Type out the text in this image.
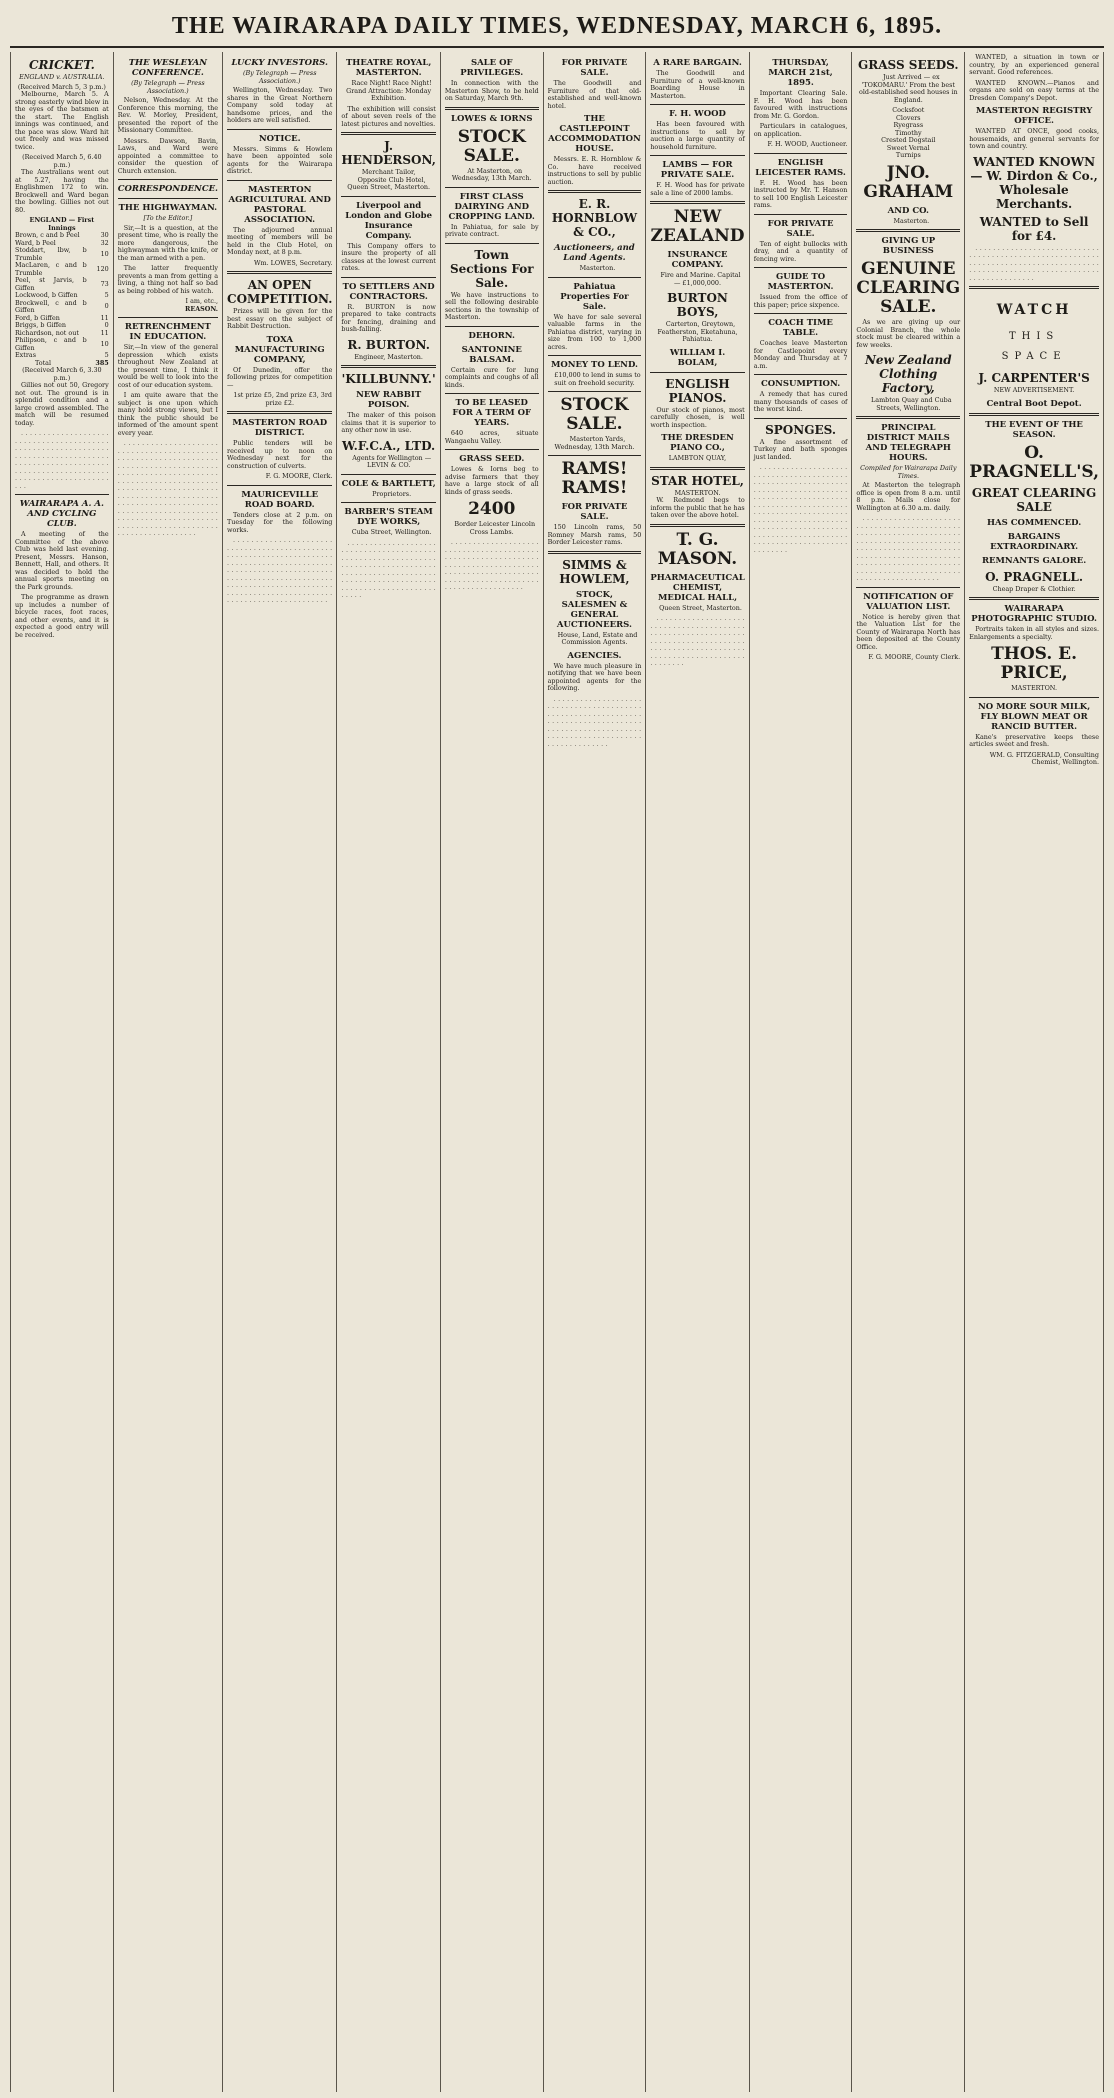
THE WAIRARAPA DAILY TIMES, WEDNESDAY, MARCH 6, 1895.
CRICKET.
ENGLAND v. AUSTRALIA.
(Received March 5, 3 p.m.)

Melbourne, March 5. A strong easterly wind blew in the eyes of the batsmen at the start. The English innings was continued, and the pace was slow. Ward hit out freely and was missed twice.

(Received March 5, 6.40 p.m.)

The Australians went out at 5.27, having the Englishmen 172 to win. Brockwell and Ward began the bowling. Gillies not out 80.

ENGLAND — First Innings
Brown, c and b Peel	30
Ward, b Peel	32
Stoddart, lbw, b Trumble	10
MacLaren, c and b Trumble	120
Peel, st Jarvis, b Giffen	73
Lockwood, b Giffen	5
Brockwell, c and b Giffen	0
Ford, b Giffen	11
Briggs, b Giffen	0
Richardson, not out	11
Philipson, c and b Giffen	10
Extras	5
Total	385
(Received March 6, 3.30 p.m.)

Gillies not out 50, Gregory not out. The ground is in splendid condition and a large crowd assembled. The match will be resumed today.

. . . . . . . . . . . . . . . . . . . . . . . . . . . . . . . . . . . . . . . . . . . . . . . . . . . . . . . . . . . . . . . . . . . . . . . . . . . . . . . . . . . . . . . . . . . . . . . . . . . . . . . . . . . . . . . . . . . . . . . . . . . . . . . . . . . . . . . . . . . . . . . . . . . . .

WAIRARAPA A. A. AND CYCLING CLUB.

A meeting of the Committee of the above Club was held last evening. Present, Messrs. Hanson, Bennett, Hall, and others. It was decided to hold the annual sports meeting on the Park grounds.

The programme as drawn up includes a number of bicycle races, foot races, and other events, and it is expected a good entry will be received.

THE WESLEYAN CONFERENCE.
(By Telegraph — Press Association.)

Nelson, Wednesday. At the Conference this morning, the Rev. W. Morley, President, presented the report of the Missionary Committee.

Messrs. Dawson, Bavin, Laws, and Ward were appointed a committee to consider the question of Church extension.

CORRESPONDENCE.
THE HIGHWAYMAN.
[To the Editor.]

Sir,—It is a question, at the present time, who is really the more dangerous, the highwayman with the knife, or the man armed with a pen.

The latter frequently prevents a man from getting a living, a thing not half so bad as being robbed of his watch.

I am, etc.,
REASON.
RETRENCHMENT IN EDUCATION.

Sir,—In view of the general depression which exists throughout New Zealand at the present time, I think it would be well to look into the cost of our education system.

I am quite aware that the subject is one upon which many hold strong views, but I think the public should be informed of the amount spent every year.

. . . . . . . . . . . . . . . . . . . . . . . . . . . . . . . . . . . . . . . . . . . . . . . . . . . . . . . . . . . . . . . . . . . . . . . . . . . . . . . . . . . . . . . . . . . . . . . . . . . . . . . . . . . . . . . . . . . . . . . . . . . . . . . . . . . . . . . . . . . . . . . . . . . . . . . . . . . . . . . . . . . . . . . . . . . . . . . . . . . . . . . . . . . . . . . . . . . . . . . . . . . . . . . . . . . . . . . . . . . . . . . . . . . . . . . . . . . . . . . . . . . . . . . . . . . . . . . . . . . . . . . . . . . . . . . . . . . . . . . . .

LUCKY INVESTORS.
(By Telegraph — Press Association.)

Wellington, Wednesday. Two shares in the Great Northern Company sold today at handsome prices, and the holders are well satisfied.

NOTICE.

Messrs. Simms & Howlem have been appointed sole agents for the Wairarapa district.

MASTERTON AGRICULTURAL AND PASTORAL ASSOCIATION.

The adjourned annual meeting of members will be held in the Club Hotel, on Monday next, at 8 p.m.

Wm. LOWES, Secretary.
AN OPEN COMPETITION.

Prizes will be given for the best essay on the subject of Rabbit Destruction.

TOXA MANUFACTURING COMPANY,

Of Dunedin, offer the following prizes for competition —

1st prize £5, 2nd prize £3, 3rd prize £2.

MASTERTON ROAD DISTRICT.

Public tenders will be received up to noon on Wednesday next for the construction of culverts.

F. G. MOORE, Clerk.
MAURICEVILLE ROAD BOARD.

Tenders close at 2 p.m. on Tuesday for the following works.

. . . . . . . . . . . . . . . . . . . . . . . . . . . . . . . . . . . . . . . . . . . . . . . . . . . . . . . . . . . . . . . . . . . . . . . . . . . . . . . . . . . . . . . . . . . . . . . . . . . . . . . . . . . . . . . . . . . . . . . . . . . . . . . . . . . . . . . . . . . . . . . . . . . . . . . . . . . . . . . . . . . . . . . . . . . . . . . . . . . . . . . . . . . . . . . . . . . . . . . . . . . . . . . . . . . . .

THEATRE ROYAL, MASTERTON.

Race Night! Race Night! Grand Attraction: Monday Exhibition.

The exhibition will consist of about seven reels of the latest pictures and novelties.

J. HENDERSON,
Merchant Tailor,

Opposite Club Hotel, Queen Street, Masterton.

Liverpool and London and Globe Insurance Company.

This Company offers to insure the property of all classes at the lowest current rates.

TO SETTLERS AND CONTRACTORS.

R. BURTON is now prepared to take contracts for fencing, draining and bush-falling.

R. BURTON.
Engineer, Masterton.
'KILLBUNNY.'
NEW RABBIT POISON.

The maker of this poison claims that it is superior to any other now in use.

W.F.C.A., LTD.

Agents for Wellington — LEVIN & CO.

COLE & BARTLETT,

Proprietors.

BARBER'S STEAM DYE WORKS,

Cuba Street, Wellington.

. . . . . . . . . . . . . . . . . . . . . . . . . . . . . . . . . . . . . . . . . . . . . . . . . . . . . . . . . . . . . . . . . . . . . . . . . . . . . . . . . . . . . . . . . . . . . . . . . . . . . . . . . . . . . . . . . . . . . . . . . . . . . . . . . . . . . . . . . . . . . . . . . . . . . . .

SALE OF PRIVILEGES.

In connection with the Masterton Show, to be held on Saturday, March 9th.

LOWES & IORNS
STOCK SALE.

At Masterton, on Wednesday, 13th March.

FIRST CLASS DAIRYING AND CROPPING LAND.

In Pahiatua, for sale by private contract.

Town Sections For Sale.

We have instructions to sell the following desirable sections in the township of Masterton.

DEHORN.
SANTONINE BALSAM.

Certain cure for lung complaints and coughs of all kinds.

TO BE LEASED FOR A TERM OF YEARS.

640 acres, situate Wangaehu Valley.

GRASS SEED.

Lowes & Iorns beg to advise farmers that they have a large stock of all kinds of grass seeds.

2400

Border Leicester Lincoln Cross Lambs.

. . . . . . . . . . . . . . . . . . . . . . . . . . . . . . . . . . . . . . . . . . . . . . . . . . . . . . . . . . . . . . . . . . . . . . . . . . . . . . . . . . . . . . . . . . . . . . . . . . . . . . . . . . . . . . . . . . . . . . . . . . . . . . . . . . . . . . . . . . . . . . .

FOR PRIVATE SALE.

The Goodwill and Furniture of that old-established and well-known hotel.

THE CASTLEPOINT ACCOMMODATION HOUSE.

Messrs. E. R. Hornblow & Co. have received instructions to sell by public auction.

E. R. HORNBLOW & CO.,
Auctioneers, and Land Agents.

Masterton.

Pahiatua Properties For Sale.

We have for sale several valuable farms in the Pahiatua district, varying in size from 100 to 1,000 acres.

MONEY TO LEND.

£10,000 to lend in sums to suit on freehold security.

STOCK SALE.

Masterton Yards, Wednesday, 13th March.

RAMS! RAMS!
FOR PRIVATE SALE.

150 Lincoln rams, 50 Romney Marsh rams, 50 Border Leicester rams.

SIMMS & HOWLEM,
STOCK, SALESMEN & GENERAL AUCTIONEERS.

House, Land, Estate and Commission Agents.

AGENCIES.

We have much pleasure in notifying that we have been appointed agents for the following.

. . . . . . . . . . . . . . . . . . . . . . . . . . . . . . . . . . . . . . . . . . . . . . . . . . . . . . . . . . . . . . . . . . . . . . . . . . . . . . . . . . . . . . . . . . . . . . . . . . . . . . . . . . . . . . . . . . . . . . . . . . . . . . . . . . . . . . . . . . .

A RARE BARGAIN.

The Goodwill and Furniture of a well-known Boarding House in Masterton.

F. H. WOOD

Has been favoured with instructions to sell by auction a large quantity of household furniture.

LAMBS — FOR PRIVATE SALE.

F. H. Wood has for private sale a line of 2000 lambs.

NEW ZEALAND
INSURANCE COMPANY.

Fire and Marine. Capital — £1,000,000.

BURTON BOYS,

Carterton, Greytown, Featherston, Eketahuna, Pahiatua.

WILLIAM I. BOLAM,
ENGLISH PIANOS.

Our stock of pianos, most carefully chosen, is well worth inspection.

THE DRESDEN PIANO CO.,
LAMBTON QUAY,
STAR HOTEL,
MASTERTON.

W. Redmond begs to inform the public that he has taken over the above hotel.

T. G. MASON.
PHARMACEUTICAL CHEMIST, MEDICAL HALL,

Queen Street, Masterton.

. . . . . . . . . . . . . . . . . . . . . . . . . . . . . . . . . . . . . . . . . . . . . . . . . . . . . . . . . . . . . . . . . . . . . . . . . . . . . . . . . . . . . . . . . . . . . . . . . . . . . . . . . . . . . . . . . . . . . . . . . . . . . . . . . . . . .

THURSDAY, MARCH 21st, 1895.

Important Clearing Sale. F. H. Wood has been favoured with instructions from Mr. G. Gordon.

Particulars in catalogues, on application.

F. H. WOOD, Auctioneer.
ENGLISH LEICESTER RAMS.

F. H. Wood has been instructed by Mr. T. Hanson to sell 100 English Leicester rams.

FOR PRIVATE SALE.

Ten of eight bullocks with dray, and a quantity of fencing wire.

GUIDE TO MASTERTON.

Issued from the office of this paper; price sixpence.

COACH TIME TABLE.

Coaches leave Masterton for Castlepoint every Monday and Thursday at 7 a.m.

CONSUMPTION.

A remedy that has cured many thousands of cases of the worst kind.

SPONGES.

A fine assortment of Turkey and bath sponges just landed.

. . . . . . . . . . . . . . . . . . . . . . . . . . . . . . . . . . . . . . . . . . . . . . . . . . . . . . . . . . . . . . . . . . . . . . . . . . . . . . . . . . . . . . . . . . . . . . . . . . . . . . . . . . . . . . . . . . . . . . . . . . . . . . . . . . . . . . . . . . . . . . . . . . . . . . . . . . . . . . . . . . . . . . . . . . . . . . . . . . . . . . . . . . . . . . . . . . . . . . . . . . . . . . . . . . . . . . . . . . . . . . . . . . . . . . . . . . . . . .

GRASS SEEDS.

Just Arrived — ex 'TOKOMARU.' From the best old-established seed houses in England.

Cocksfoot
Clovers
Ryegrass
Timothy
Crested Dogstail
Sweet Vernal
Turnips
JNO. GRAHAM
AND CO.

Masterton.

GIVING UP BUSINESS
GENUINE CLEARING SALE.

As we are giving up our Colonial Branch, the whole stock must be cleared within a few weeks.

New Zealand Clothing Factory,

Lambton Quay and Cuba Streets, Wellington.

PRINCIPAL DISTRICT MAILS AND TELEGRAPH HOURS.
Compiled for Wairarapa Daily Times.

At Masterton the telegraph office is open from 8 a.m. until 8 p.m. Mails close for Wellington at 6.30 a.m. daily.

. . . . . . . . . . . . . . . . . . . . . . . . . . . . . . . . . . . . . . . . . . . . . . . . . . . . . . . . . . . . . . . . . . . . . . . . . . . . . . . . . . . . . . . . . . . . . . . . . . . . . . . . . . . . . . . . . . . . . . . . . . . . . . . . . . . . . . . . . . . . . . . . . . . . . . . . . . . . . . . . . . . . . . . . . . . . . . . . . . . . . . . . . . . . . . . . . . . . . . . . . .

NOTIFICATION OF VALUATION LIST.

Notice is hereby given that the Valuation List for the County of Wairarapa North has been deposited at the County Office.

F. G. MOORE, County Clerk.

WANTED, a situation in town or country, by an experienced general servant. Good references.

WANTED KNOWN.—Pianos and organs are sold on easy terms at the Dresden Company's Depot.

MASTERTON REGISTRY OFFICE.

WANTED AT ONCE, good cooks, housemaids, and general servants for town and country.

WANTED KNOWN — W. Dirdon & Co., Wholesale Merchants.
WANTED to Sell for £4.

. . . . . . . . . . . . . . . . . . . . . . . . . . . . . . . . . . . . . . . . . . . . . . . . . . . . . . . . . . . . . . . . . . . . . . . . . . . . . . . . . . . . . . . . . . . . . . . . . . . . . . . . . . . . . . . . . . . . . . . . . . . . . . . . . .

WATCH
THIS
SPACE
J. CARPENTER'S
NEW ADVERTISEMENT.
Central Boot Depot.
THE EVENT OF THE SEASON.
O. PRAGNELL'S,
GREAT CLEARING SALE
HAS COMMENCED.
BARGAINS EXTRAORDINARY.
REMNANTS GALORE.
O. PRAGNELL.
Cheap Draper & Clothier.
WAIRARAPA PHOTOGRAPHIC STUDIO.

Portraits taken in all styles and sizes. Enlargements a specialty.

THOS. E. PRICE,
MASTERTON.
NO MORE SOUR MILK, FLY BLOWN MEAT OR RANCID BUTTER.

Kane's preservative keeps these articles sweet and fresh.

WM. G. FITZGERALD, Consulting Chemist, Wellington.
